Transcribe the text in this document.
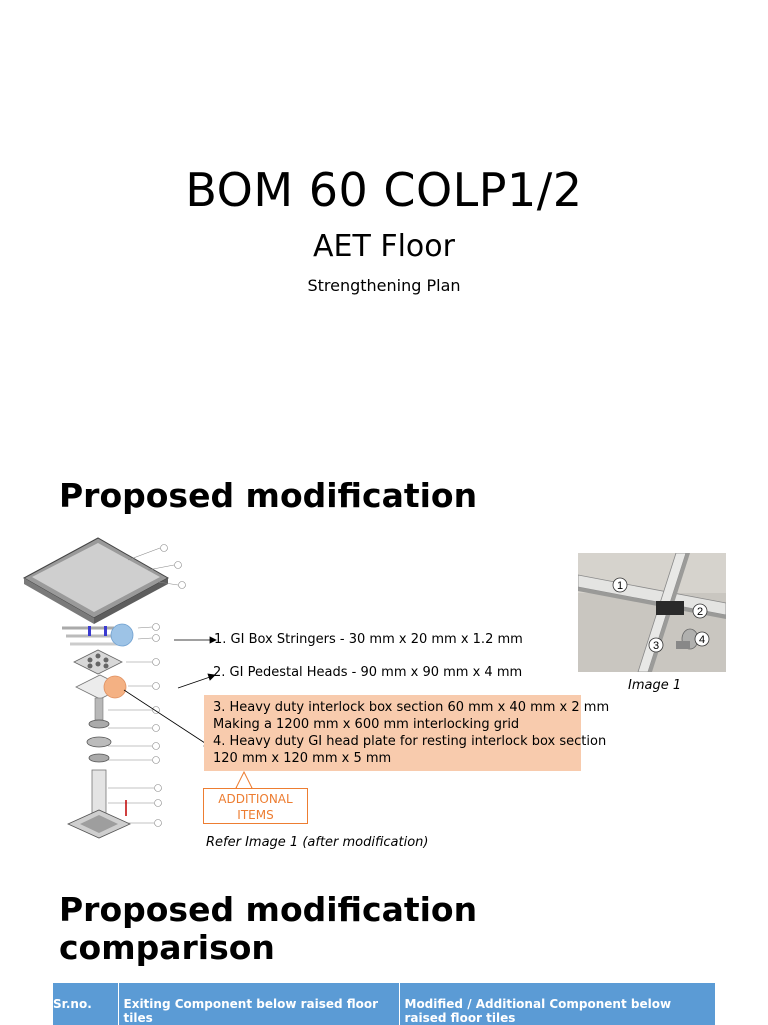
BOM 60 COLP1/2
AET Floor
Strengthening Plan
Proposed modification
1. GI Box Stringers - 30 mm x 20 mm x 1.2 mm
2. GI Pedestal Heads - 90 mm x 90 mm x 4 mm
3. Heavy duty interlock box section 60 mm x 40 mm x 2 mm
Making a 1200 mm x 600 mm interlocking grid
4. Heavy duty GI head plate for resting interlock box section
120 mm x 120 mm x 5 mm
ADDITIONAL
ITEMS
Refer Image 1 (after modification)
1
2
3	4
Image 1
Proposed modification comparison
Sr.no.	Exiting Component below raised floor tiles	Modified / Additional Component below raised floor tiles
